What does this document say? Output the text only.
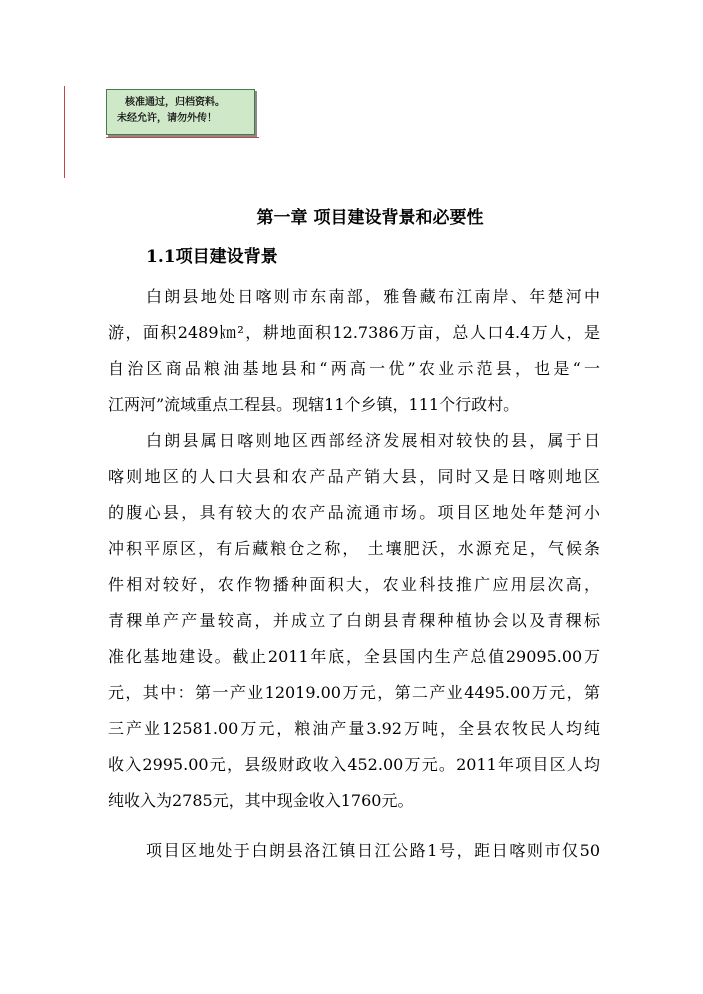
核准通过，归档资料。
未经允许，请勿外传！
第一章 项目建设背景和必要性
1.1项目建设背景
白朗县地处日喀则市东南部，雅鲁藏布江南岸、年楚河中
游，面积2489㎞²，耕地面积12.7386万亩，总人口4.4万人，是
自治区商品粮油基地县和“两高一优”农业示范县，也是“一
江两河”流域重点工程县。现辖11个乡镇，111个行政村。
白朗县属日喀则地区西部经济发展相对较快的县，属于日
喀则地区的人口大县和农产品产销大县，同时又是日喀则地区
的腹心县，具有较大的农产品流通市场。项目区地处年楚河小
冲积平原区，有后藏粮仓之称， 土壤肥沃，水源充足，气候条
件相对较好，农作物播种面积大，农业科技推广应用层次高，
青稞单产产量较高，并成立了白朗县青稞种植协会以及青稞标
准化基地建设。截止2011年底，全县国内生产总值29095.00万
元，其中：第一产业12019.00万元，第二产业4495.00万元，第
三产业12581.00万元，粮油产量3.92万吨，全县农牧民人均纯
收入2995.00元，县级财政收入452.00万元。2011年项目区人均
纯收入为2785元，其中现金收入1760元。
项目区地处于白朗县洛江镇日江公路1号，距日喀则市仅50
